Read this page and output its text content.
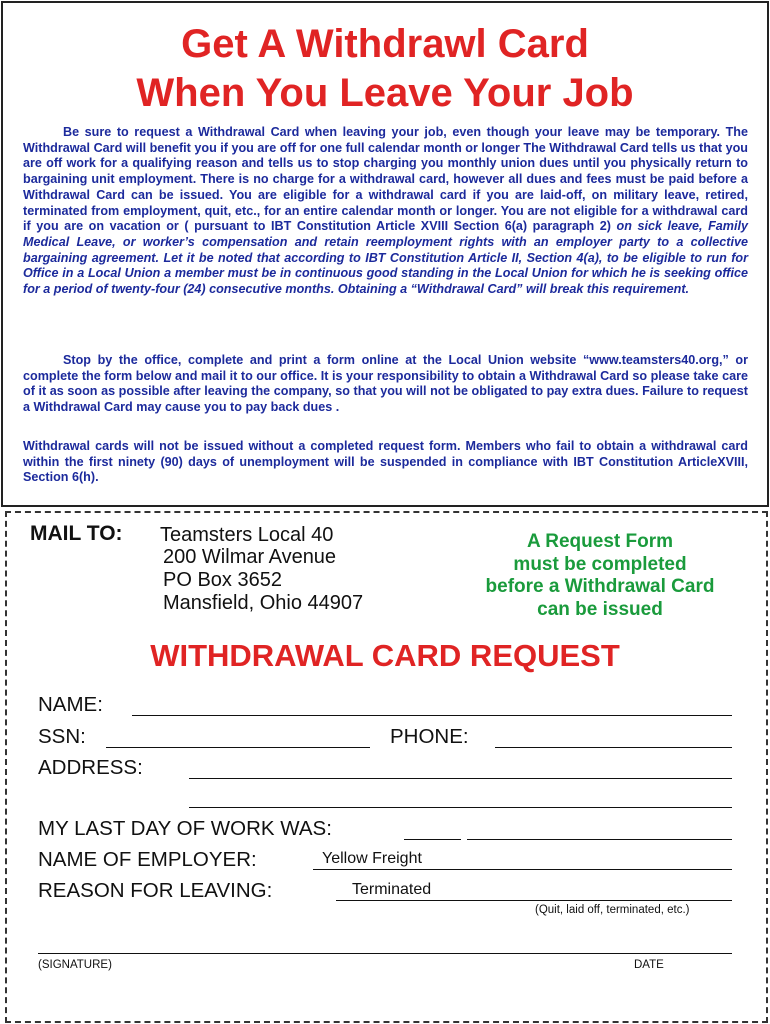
Get A Withdrawl Card
When You Leave Your Job
Be sure to request a Withdrawal Card when leaving your job, even though your leave may be temporary. The Withdrawal Card will benefit you if you are off for one full calendar month or longer The Withdrawal Card tells us that you are off work for a qualifying reason and tells us to stop charging you monthly union dues until you physically return to bargaining unit employment. There is no charge for a withdrawal card, however all dues and fees must be paid before a Withdrawal Card can be issued. You are eligible for a withdrawal card if you are laid-off, on military leave, retired, terminated from employment, quit, etc., for an entire calendar month or longer. You are not eligible for a withdrawal card if you are on vacation or ( pursuant to IBT Constitution Article XVIII Section 6(a) paragraph 2) on sick leave, Family Medical Leave, or worker’s compensation and retain reemployment rights with an employer party to a collective bargaining agreement. Let it be noted that according to IBT Constitution Article II, Section 4(a), to be eligible to run for Office in a Local Union a member must be in continuous good standing in the Local Union for which he is seeking office for a period of twenty-four (24) consecutive months. Obtaining a “Withdrawal Card” will break this requirement.
Stop by the office, complete and print a form online at the Local Union website “www.teamsters40.org,” or complete the form below and mail it to our office. It is your responsibility to obtain a Withdrawal Card so please take care of it as soon as possible after leaving the company, so that you will not be obligated to pay extra dues. Failure to request a Withdrawal Card may cause you to pay back dues .
Withdrawal cards will not be issued without a completed request form. Members who fail to obtain a withdrawal card within the first ninety (90) days of unemployment will be suspended in compliance with IBT Constitution ArticleXVIII, Section 6(h).
MAIL TO: Teamsters Local 40
200 Wilmar Avenue
PO Box 3652
Mansfield, Ohio 44907
A Request Form
must be completed
before a Withdrawal Card
can be issued
WITHDRAWAL CARD REQUEST
NAME:
SSN:	PHONE:
ADDRESS:
MY LAST DAY OF WORK WAS:
NAME OF EMPLOYER:	Yellow Freight
REASON FOR LEAVING:	Terminated
(Quit, laid off, terminated, etc.)
(SIGNATURE)	DATE
